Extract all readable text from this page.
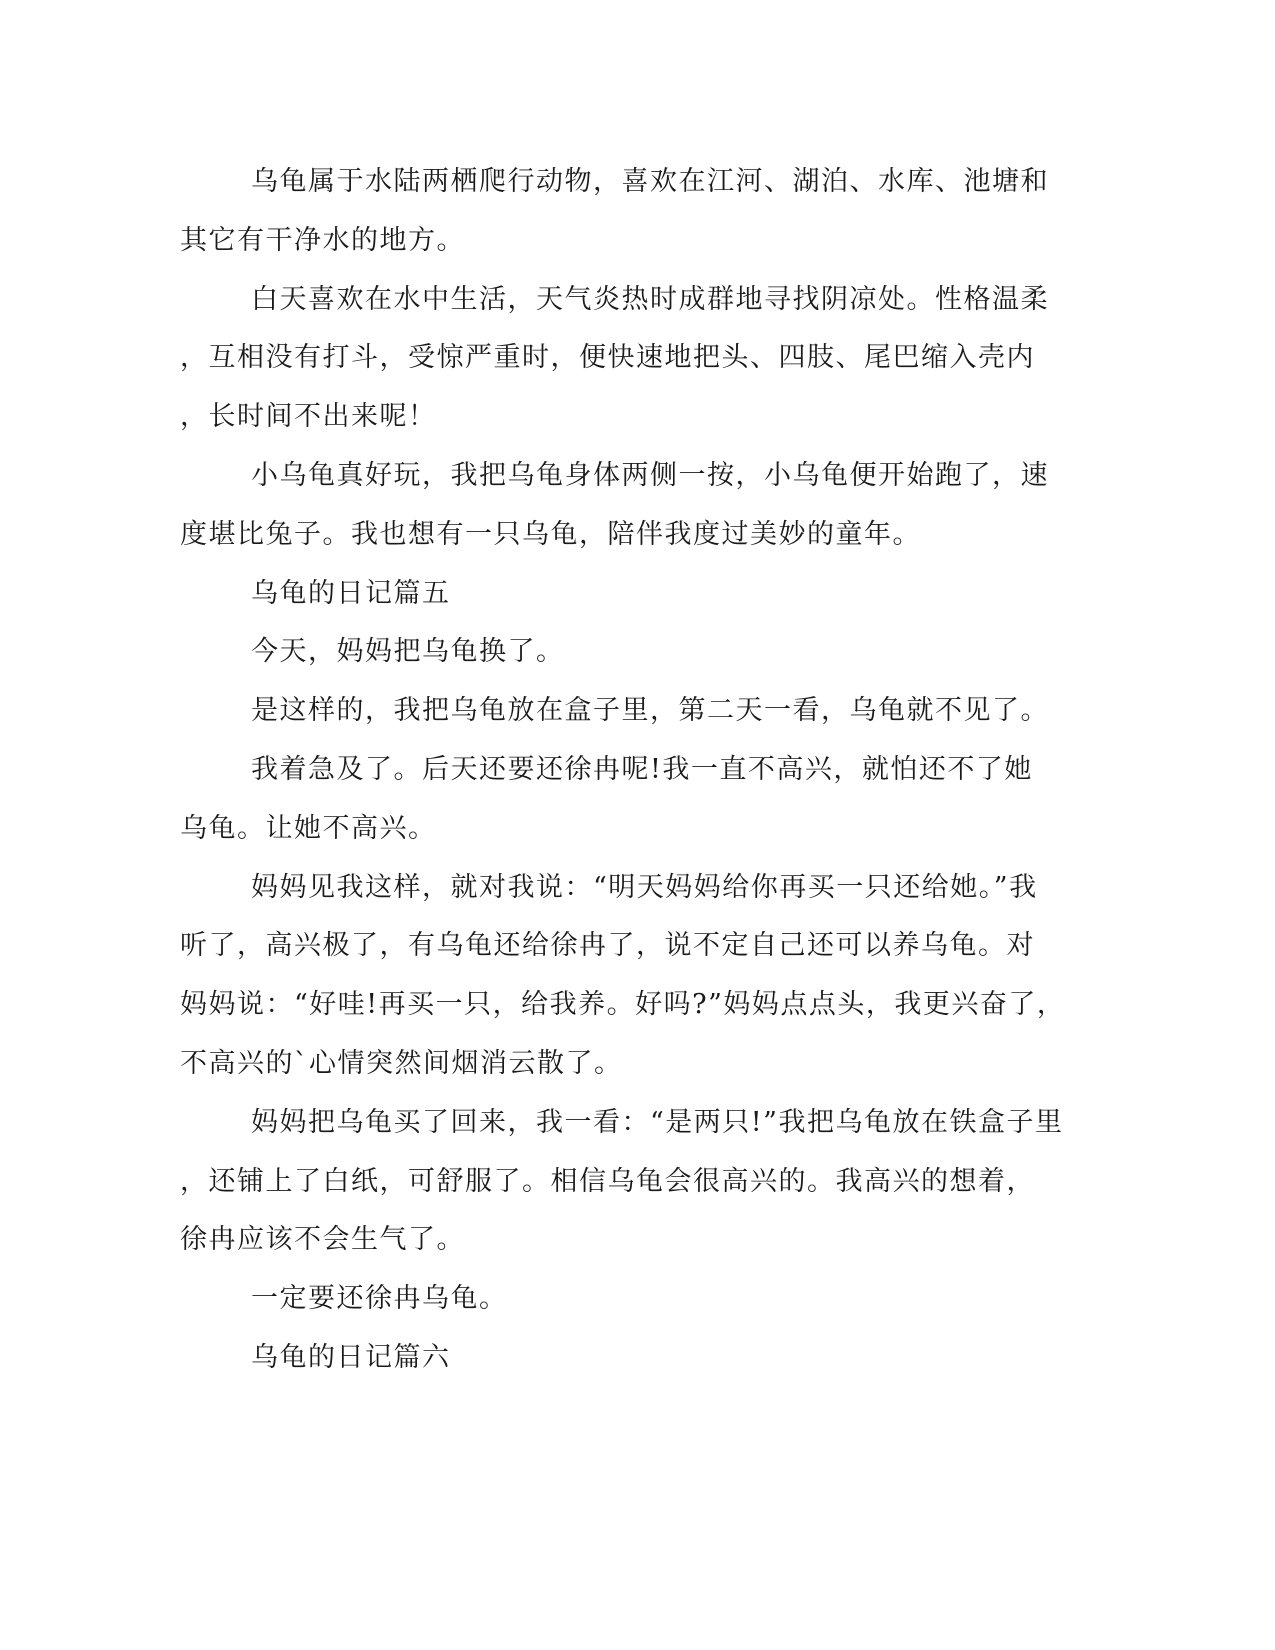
乌龟属于水陆两栖爬行动物，喜欢在江河、湖泊、水库、池塘和
其它有干净水的地方。
白天喜欢在水中生活，天气炎热时成群地寻找阴凉处。性格温柔
，互相没有打斗，受惊严重时，便快速地把头、四肢、尾巴缩入壳内
，长时间不出来呢！
小乌龟真好玩，我把乌龟身体两侧一按，小乌龟便开始跑了，速
度堪比兔子。我也想有一只乌龟，陪伴我度过美妙的童年。
乌龟的日记篇五
今天，妈妈把乌龟换了。
是这样的，我把乌龟放在盒子里，第二天一看，乌龟就不见了。
我着急及了。后天还要还徐冉呢!我一直不高兴，就怕还不了她
乌龟。让她不高兴。
妈妈见我这样，就对我说：“明天妈妈给你再买一只还给她。”我
听了，高兴极了，有乌龟还给徐冉了，说不定自己还可以养乌龟。对
妈妈说：“好哇!再买一只，给我养。好吗?”妈妈点点头，我更兴奋了，
不高兴的`心情突然间烟消云散了。
妈妈把乌龟买了回来，我一看：“是两只!”我把乌龟放在铁盒子里
，还铺上了白纸，可舒服了。相信乌龟会很高兴的。我高兴的想着，
徐冉应该不会生气了。
一定要还徐冉乌龟。
乌龟的日记篇六
